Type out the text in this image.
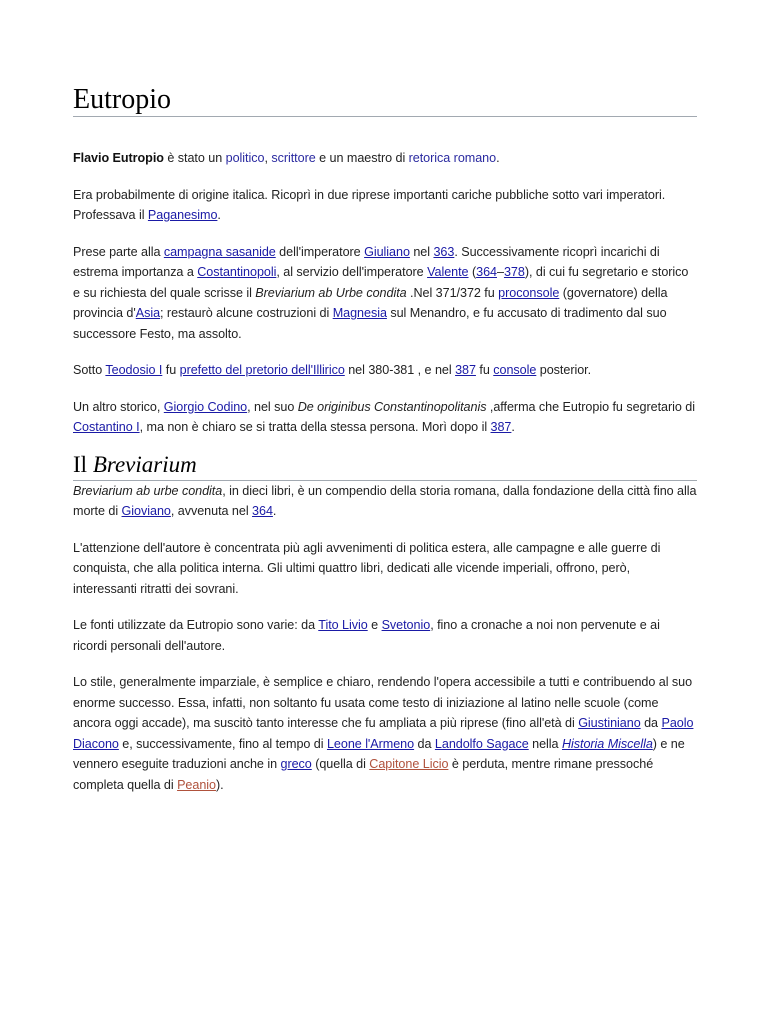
Eutropio

Flavio Eutropio è stato un politico, scrittore e un maestro di retorica romano.

Era probabilmente di origine italica. Ricoprì in due riprese importanti cariche pubbliche sotto vari imperatori. Professava il Paganesimo.

Prese parte alla campagna sasanide dell'imperatore Giuliano nel 363. Successivamente ricoprì incarichi di estrema importanza a Costantinopoli, al servizio dell'imperatore Valente (364–378), di cui fu segretario e storico e su richiesta del quale scrisse il Breviarium ab Urbe condita .Nel 371/372 fu proconsole (governatore) della provincia d'Asia; restaurò alcune costruzioni di Magnesia sul Menandro, e fu accusato di tradimento dal suo successore Festo, ma assolto.

Sotto Teodosio I fu prefetto del pretorio dell'Illirico nel 380-381 , e nel 387 fu console posterior.

Un altro storico, Giorgio Codino, nel suo De originibus Constantinopolitanis ,afferma che Eutropio fu segretario di Costantino I, ma non è chiaro se si tratta della stessa persona. Morì dopo il 387.

Il Breviarium

Breviarium ab urbe condita, in dieci libri, è un compendio della storia romana, dalla fondazione della città fino alla morte di Gioviano, avvenuta nel 364.

L'attenzione dell'autore è concentrata più agli avvenimenti di politica estera, alle campagne e alle guerre di conquista, che alla politica interna. Gli ultimi quattro libri, dedicati alle vicende imperiali, offrono, però, interessanti ritratti dei sovrani.

Le fonti utilizzate da Eutropio sono varie: da Tito Livio e Svetonio, fino a cronache a noi non pervenute e ai ricordi personali dell'autore.

Lo stile, generalmente imparziale, è semplice e chiaro, rendendo l'opera accessibile a tutti e contribuendo al suo enorme successo. Essa, infatti, non soltanto fu usata come testo di iniziazione al latino nelle scuole (come ancora oggi accade), ma suscitò tanto interesse che fu ampliata a più riprese (fino all'età di Giustiniano da Paolo Diacono e, successivamente, fino al tempo di Leone l'Armeno da Landolfo Sagace nella Historia Miscella) e ne vennero eseguite traduzioni anche in greco (quella di Capitone Licio è perduta, mentre rimane pressoché completa quella di Peanio).
